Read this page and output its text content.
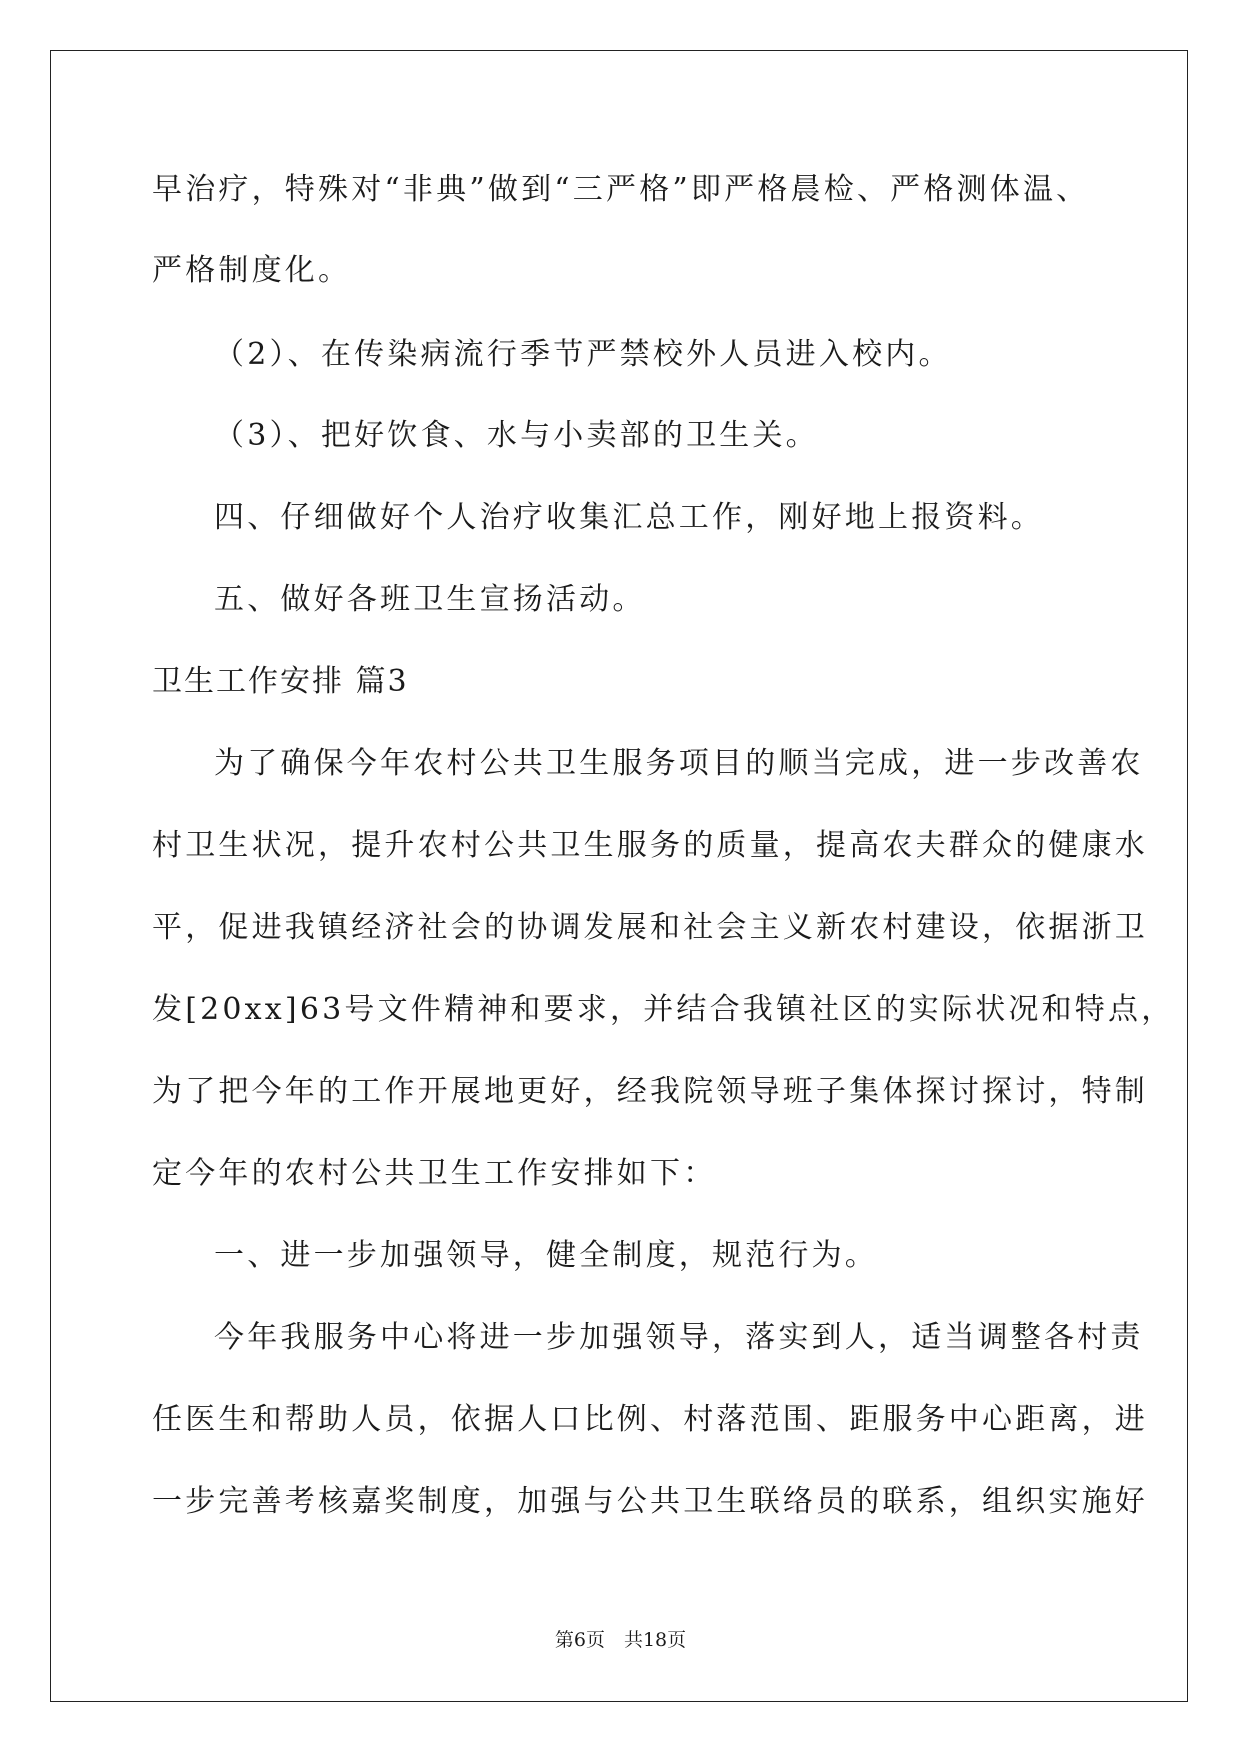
早治疗，特殊对“非典”做到“三严格”即严格晨检、严格测体温、
严格制度化。
（2）、在传染病流行季节严禁校外人员进入校内。
（3）、把好饮食、水与小卖部的卫生关。
四、仔细做好个人治疗收集汇总工作，刚好地上报资料。
五、做好各班卫生宣扬活动。
卫生工作安排 篇3
为了确保今年农村公共卫生服务项目的顺当完成，进一步改善农
村卫生状况，提升农村公共卫生服务的质量，提高农夫群众的健康水
平，促进我镇经济社会的协调发展和社会主义新农村建设，依据浙卫
发[20xx]63号文件精神和要求，并结合我镇社区的实际状况和特点，
为了把今年的工作开展地更好，经我院领导班子集体探讨探讨，特制
定今年的农村公共卫生工作安排如下：
一、进一步加强领导，健全制度，规范行为。
今年我服务中心将进一步加强领导，落实到人，适当调整各村责
任医生和帮助人员，依据人口比例、村落范围、距服务中心距离，进
一步完善考核嘉奖制度，加强与公共卫生联络员的联系，组织实施好
第6页　共18页
